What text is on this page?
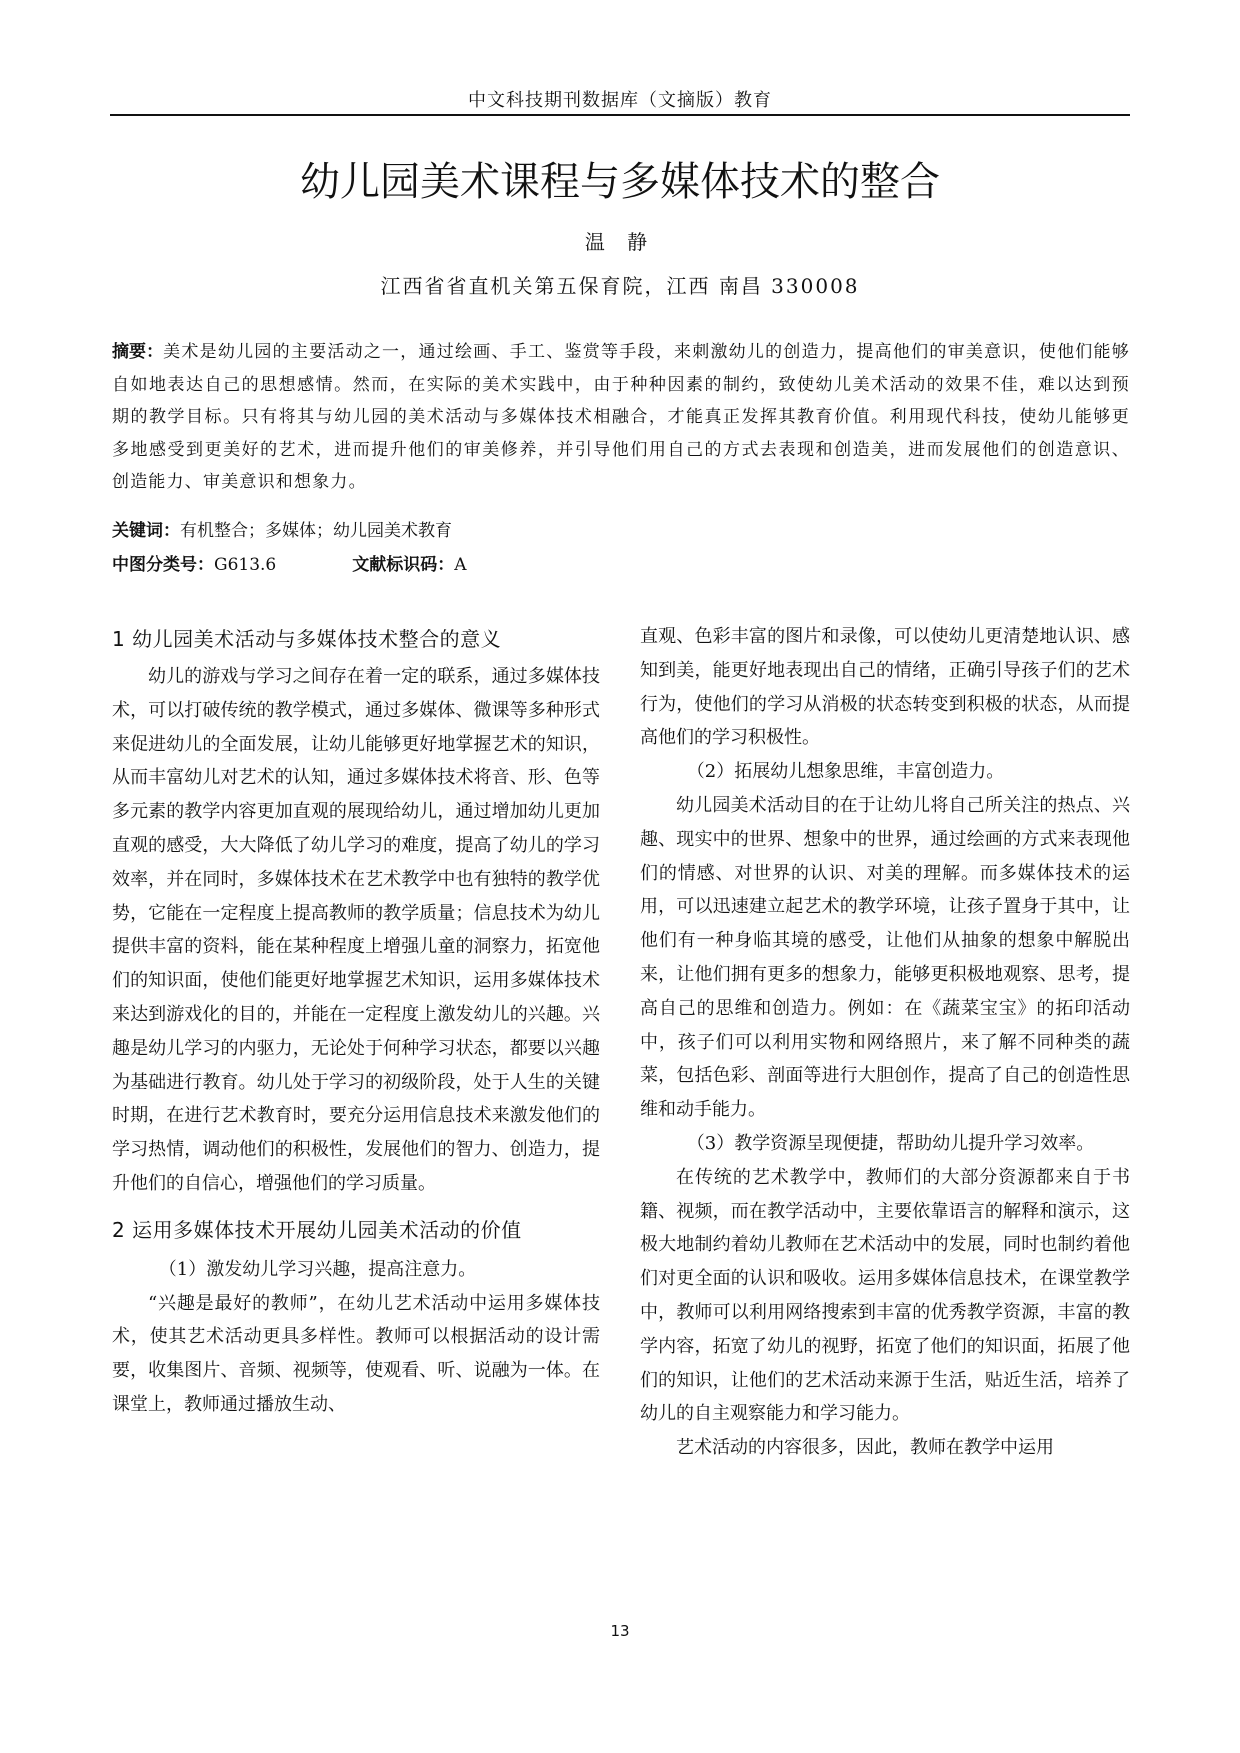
中文科技期刊数据库（文摘版）教育
幼儿园美术课程与多媒体技术的整合
温 静
江西省省直机关第五保育院，江西 南昌 330008
摘要：美术是幼儿园的主要活动之一，通过绘画、手工、鉴赏等手段，来刺激幼儿的创造力，提高他们的审美意识，使他们能够自如地表达自己的思想感情。然而，在实际的美术实践中，由于种种因素的制约，致使幼儿美术活动的效果不佳，难以达到预期的教学目标。只有将其与幼儿园的美术活动与多媒体技术相融合，才能真正发挥其教育价值。利用现代科技，使幼儿能够更多地感受到更美好的艺术，进而提升他们的审美修养，并引导他们用自己的方式去表现和创造美，进而发展他们的创造意识、创造能力、审美意识和想象力。
关键词：有机整合；多媒体；幼儿园美术教育
中图分类号：G613.6	文献标识码：A

1 幼儿园美术活动与多媒体技术整合的意义

幼儿的游戏与学习之间存在着一定的联系，通过多媒体技术，可以打破传统的教学模式，通过多媒体、微课等多种形式来促进幼儿的全面发展，让幼儿能够更好地掌握艺术的知识，从而丰富幼儿对艺术的认知，通过多媒体技术将音、形、色等多元素的教学内容更加直观的展现给幼儿，通过增加幼儿更加直观的感受，大大降低了幼儿学习的难度，提高了幼儿的学习效率，并在同时，多媒体技术在艺术教学中也有独特的教学优势，它能在一定程度上提高教师的教学质量；信息技术为幼儿提供丰富的资料，能在某种程度上增强儿童的洞察力，拓宽他们的知识面，使他们能更好地掌握艺术知识，运用多媒体技术来达到游戏化的目的，并能在一定程度上激发幼儿的兴趣。兴趣是幼儿学习的内驱力，无论处于何种学习状态，都要以兴趣为基础进行教育。幼儿处于学习的初级阶段，处于人生的关键时期，在进行艺术教育时，要充分运用信息技术来激发他们的学习热情，调动他们的积极性，发展他们的智力、创造力，提升他们的自信心，增强他们的学习质量。

2 运用多媒体技术开展幼儿园美术活动的价值

（1）激发幼儿学习兴趣，提高注意力。

“兴趣是最好的教师”，在幼儿艺术活动中运用多媒体技术，使其艺术活动更具多样性。教师可以根据活动的设计需要，收集图片、音频、视频等，使观看、听、说融为一体。在课堂上，教师通过播放生动、

直观、色彩丰富的图片和录像，可以使幼儿更清楚地认识、感知到美，能更好地表现出自己的情绪，正确引导孩子们的艺术行为，使他们的学习从消极的状态转变到积极的状态，从而提高他们的学习积极性。

（2）拓展幼儿想象思维，丰富创造力。

幼儿园美术活动目的在于让幼儿将自己所关注的热点、兴趣、现实中的世界、想象中的世界，通过绘画的方式来表现他们的情感、对世界的认识、对美的理解。而多媒体技术的运用，可以迅速建立起艺术的教学环境，让孩子置身于其中，让他们有一种身临其境的感受，让他们从抽象的想象中解脱出来，让他们拥有更多的想象力，能够更积极地观察、思考，提高自己的思维和创造力。例如：在《蔬菜宝宝》的拓印活动中，孩子们可以利用实物和网络照片，来了解不同种类的蔬菜，包括色彩、剖面等进行大胆创作，提高了自己的创造性思维和动手能力。

（3）教学资源呈现便捷，帮助幼儿提升学习效率。

在传统的艺术教学中，教师们的大部分资源都来自于书籍、视频，而在教学活动中，主要依靠语言的解释和演示，这极大地制约着幼儿教师在艺术活动中的发展，同时也制约着他们对更全面的认识和吸收。运用多媒体信息技术，在课堂教学中，教师可以利用网络搜索到丰富的优秀教学资源，丰富的教学内容，拓宽了幼儿的视野，拓宽了他们的知识面，拓展了他们的知识，让他们的艺术活动来源于生活，贴近生活，培养了幼儿的自主观察能力和学习能力。

艺术活动的内容很多，因此，教师在教学中运用

13
